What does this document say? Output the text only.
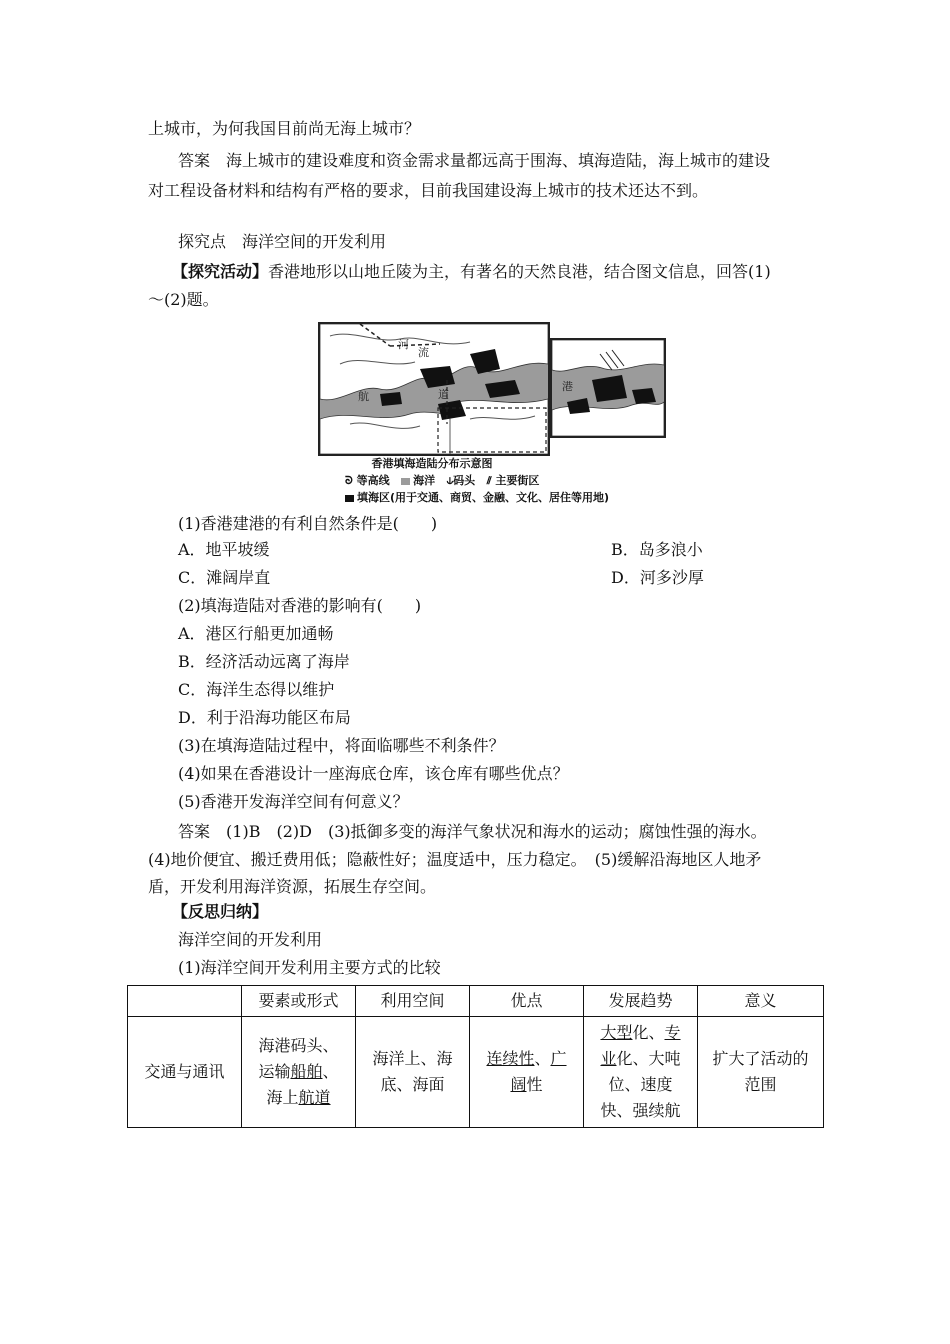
上城市，为何我国目前尚无海上城市？
答案　 海上城市的建设难度和资金需求量都远高于围海、填海造陆，海上城市的建设
对工程设备材料和结构有严格的要求，目前我国建设海上城市的技术还达不到。
探究点　海洋空间的开发利用
【探究活动】香港地形以山地丘陵为主，有著名的天然良港，结合图文信息，回答(1)
～(2)题。
河
流
航	道
港
香港填海造陆分布示意图
ᘐ 等高线 海洋 ⫝码头 ⫽ 主要街区
填海区(用于交通、商贸、金融、文化、居住等用地)
(1)香港建港的有利自然条件是(　　)
A．地平坡缓	B．岛多浪小
C．滩阔岸直	D．河多沙厚
(2)填海造陆对香港的影响有(　　)
A．港区行船更加通畅
B．经济活动远离了海岸
C．海洋生态得以维护
D．利于沿海功能区布局
(3)在填海造陆过程中，将面临哪些不利条件？
(4)如果在香港设计一座海底仓库，该仓库有哪些优点？
(5)香港开发海洋空间有何意义？
答案　 (1)B　(2)D　(3)抵御多变的海洋气象状况和海水的运动；腐蚀性强的海水。
(4)地价便宜、搬迁费用低；隐蔽性好；温度适中，压力稳定。　(5)缓解沿海地区人地矛
盾，开发利用海洋资源，拓展生存空间。
【反思归纳】
海洋空间的开发利用
(1)海洋空间开发利用主要方式的比较
	要素或形式	利用空间	优点	发展趋势	意义
交通与通讯	海港码头、
运输船舶、
海上航道	海洋上、海
底、海面	连续性、广
阔性	大型化、专
业化、大吨
位、速度
快、强续航	扩大了活动的
范围
